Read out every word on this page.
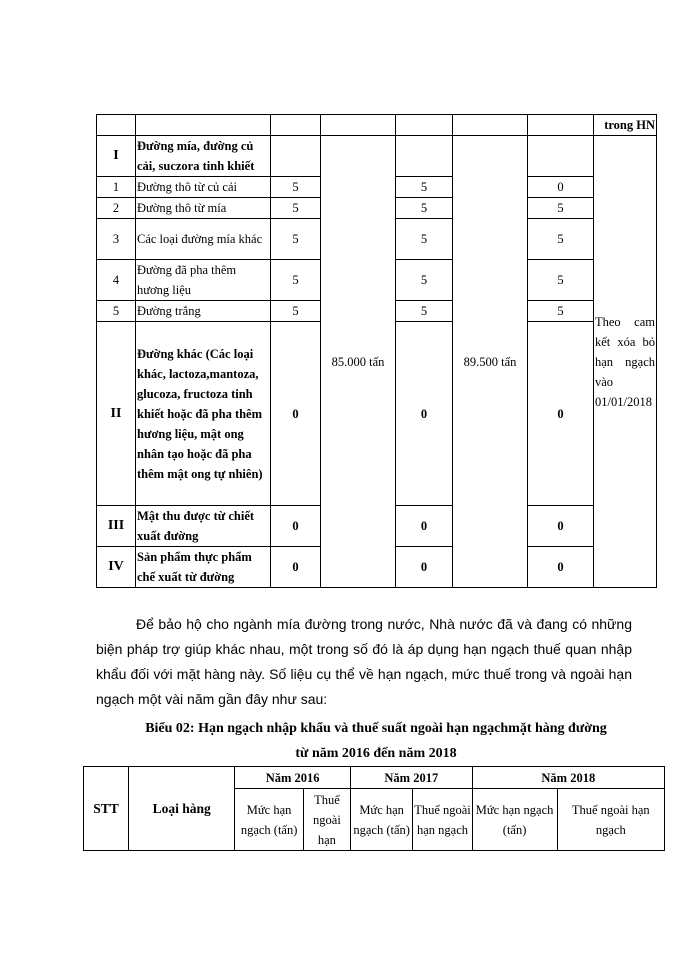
							trong HN
I	Đường mía, đường củ cải, suczora tinh khiết		85.000 tấn		89.500 tấn		Theo cam kết xóa bỏ hạn ngạch vào 01/01/2018
1	Đường thô từ củ cải	5		5		0	
2	Đường thô từ mía	5		5		5	
3	Các loại đường mía khác	5		5		5	
4	Đường đã pha thêm hương liệu	5		5		5	
5	Đường trắng	5		5		5	
II	Đường khác (Các loại khác, lactoza,mantoza, glucoza, fructoza tinh khiết hoặc đã pha thêm hương liệu, mật ong nhân tạo hoặc đã pha thêm mật ong tự nhiên)	0		0		0	
III	Mật thu được từ chiết xuất đường	0		0		0	
IV	Sản phẩm thực phẩm chế xuất từ đường	0		0		0	
Để bảo hộ cho ngành mía đường trong nước, Nhà nước đã và đang có những biện pháp trợ giúp khác nhau, một trong số đó là áp dụng hạn ngạch thuế quan nhập khẩu đối với mặt hàng này. Số liệu cụ thể về hạn ngạch, mức thuế trong và ngoài hạn ngạch một vài năm gần đây như sau:
Biểu 02: Hạn ngạch nhập khẩu và thuế suất ngoài hạn ngạchmặt hàng đường
từ năm 2016 đến năm 2018
STT	Loại hàng	Năm 2016		Năm 2017		Năm 2018	
		Mức hạn ngạch (tấn)	Thuế ngoài hạn	Mức hạn ngạch (tấn)	Thuế ngoài hạn ngạch	Mức hạn ngạch (tấn)	Thuế ngoài hạn ngạch
